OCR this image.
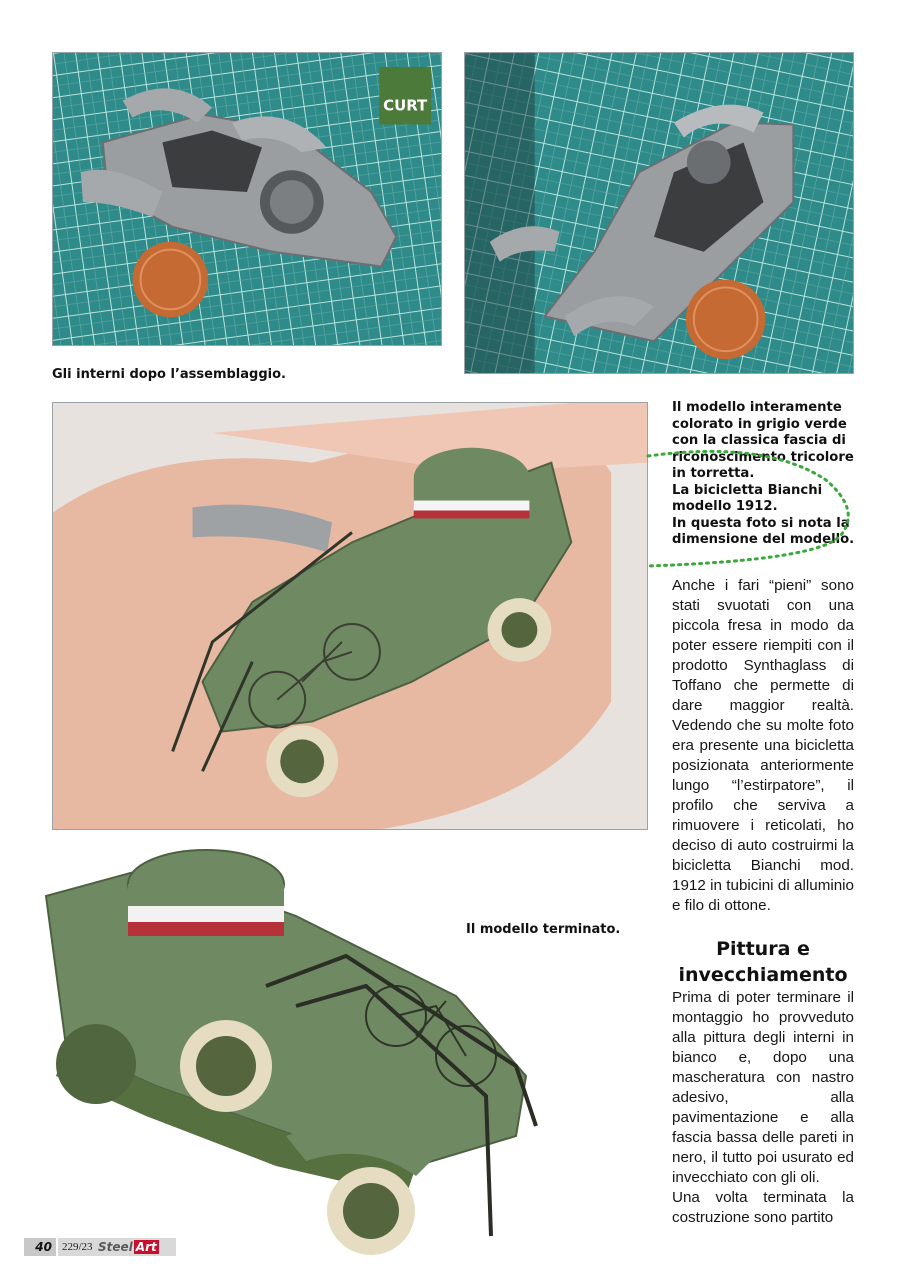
CURT
Gli interni dopo l’assemblaggio.
Il modello interamente
colorato in grigio verde
con la classica fascia di
riconoscimento tricolore
in torretta.
La bicicletta Bianchi
modello 1912.
In questa foto si nota la
dimensione del modello.
Anche i fari “pieni” sono stati svuotati con una piccola fresa in modo da poter essere riempiti con il prodotto Synthaglass di Toffano che permette di dare maggior realtà. Vedendo che su molte foto era presente una bicicletta posizionata anteriormente lungo “l’estirpatore”, il profilo che serviva a rimuovere i reticolati, ho deciso di auto costruirmi la bicicletta Bianchi mod. 1912 in tubicini di alluminio e filo di ottone.
Pittura e
invecchiamento
Prima di poter terminare il montaggio ho provveduto alla pittura degli interni in bianco e, dopo una mascheratura con nastro adesivo, alla pavimentazione e alla fascia bassa delle pareti in nero, il tutto poi usurato ed invecchiato con gli oli.
Una volta terminata la costruzione sono partito
Il modello terminato.
40 229/23 Steel Art
